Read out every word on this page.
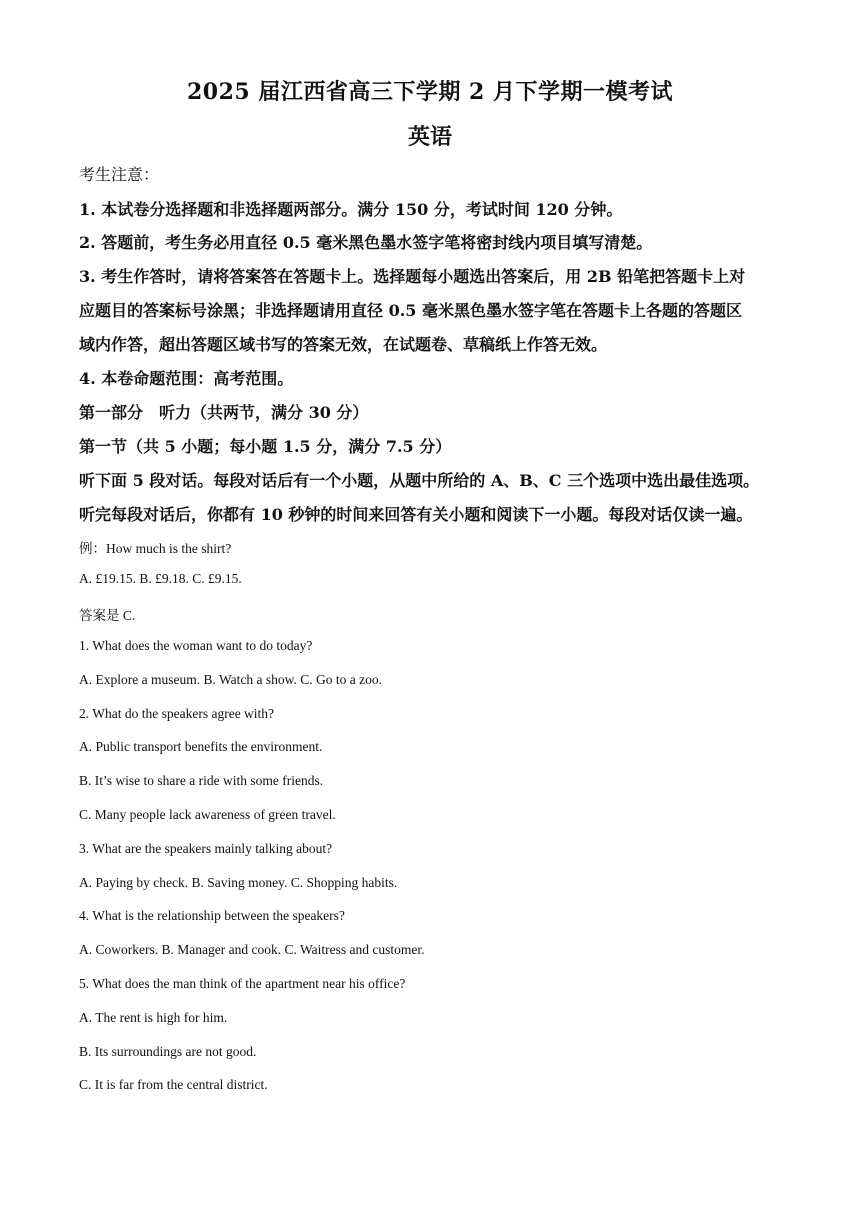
2025 届江西省高三下学期 2 月下学期一模考试
英语
考生注意：
1. 本试卷分选择题和非选择题两部分。满分 150 分，考试时间 120 分钟。
2. 答题前，考生务必用直径 0.5 毫米黑色墨水签字笔将密封线内项目填写清楚。
3. 考生作答时，请将答案答在答题卡上。选择题每小题选出答案后，用 2B 铅笔把答题卡上对
应题目的答案标号涂黑；非选择题请用直径 0.5 毫米黑色墨水签字笔在答题卡上各题的答题区
域内作答，超出答题区域书写的答案无效，在试题卷、草稿纸上作答无效。
4. 本卷命题范围：高考范围。
第一部分　听力（共两节，满分 30 分）
第一节（共 5 小题；每小题 1.5 分，满分 7.5 分）
听下面 5 段对话。每段对话后有一个小题，从题中所给的 A、B、C 三个选项中选出最佳选项。
听完每段对话后，你都有 10 秒钟的时间来回答有关小题和阅读下一小题。每段对话仅读一遍。
例：How much is the shirt?
A. £19.15. B. £9.18. C. £9.15.
答案是 C.
1. What does the woman want to do today?
A. Explore a museum. B. Watch a show. C. Go to a zoo.
2. What do the speakers agree with?
A. Public transport benefits the environment.
B. It’s wise to share a ride with some friends.
C. Many people lack awareness of green travel.
3. What are the speakers mainly talking about?
A. Paying by check. B. Saving money. C. Shopping habits.
4. What is the relationship between the speakers?
A. Coworkers. B. Manager and cook. C. Waitress and customer.
5. What does the man think of the apartment near his office?
A. The rent is high for him.
B. Its surroundings are not good.
C. It is far from the central district.
